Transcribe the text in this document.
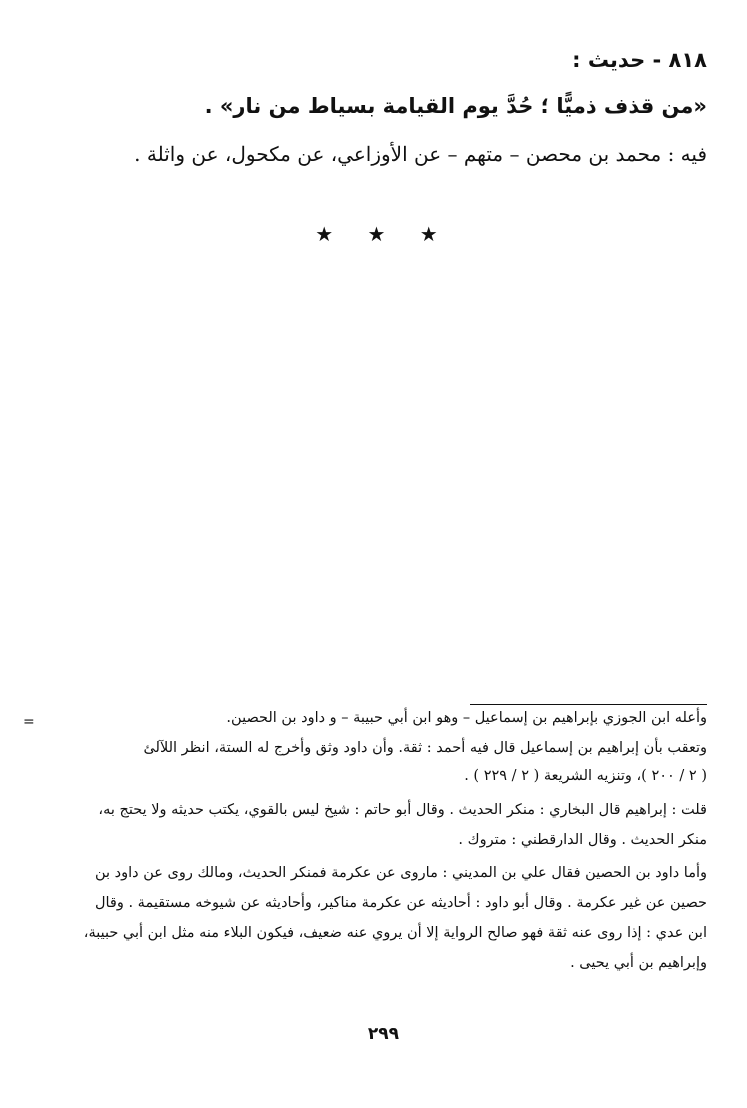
٨١٨ - حديث :
«من قذف ذميًّا ؛ حُدَّ يوم القيامة بسياط من نار» .
فيه : محمد بن محصن – متهم – عن الأوزاعي، عن مكحول، عن واثلة .
★ ★ ★
=	وأعله ابن الجوزي بإبراهيم بن إسماعيل – وهو ابن أبي حبيبة – و داود بن الحصين.
وتعقب بأن إبراهيم بن إسماعيل قال فيه أحمد : ثقة. وأن داود وثق وأخرج له الستة، انظر اللآلئ
( ٢ / ٢٠٠ )، وتنزيه الشريعة ( ٢ / ٢٢٩ ) .
قلت : إبراهيم قال البخاري : منكر الحديث . وقال أبو حاتم : شيخ ليس بالقوي، يكتب حديثه ولا يحتج به،
منكر الحديث . وقال الدارقطني : متروك .
وأما داود بن الحصين فقال علي بن المديني : ماروى عن عكرمة فمنكر الحديث، ومالك روى عن داود بن
حصين عن غير عكرمة . وقال أبو داود : أحاديثه عن عكرمة مناكير، وأحاديثه عن شيوخه مستقيمة . وقال
ابن عدي : إذا روى عنه ثقة فهو صالح الرواية إلا أن يروي عنه ضعيف، فيكون البلاء منه مثل ابن أبي حبيبة،
وإبراهيم بن أبي يحيى .
٢٩٩
